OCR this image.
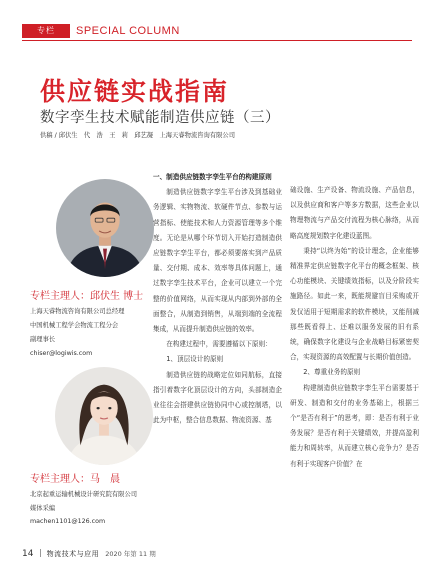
专栏	SPECIAL COLUMN
供应链实战指南
数字孪生技术赋能制造供应链（三）
供稿 / 邱伏生　代　浩　王　莉　邱艺凝　上海天睿物流咨询有限公司
专栏主理人：邱伏生 博士
上海天睿物流咨询有限公司总经理
中国机械工程学会物流工程分会
副理事长
chiser@logiwis.com
专栏主理人：马　晨
北京起重运输机械设计研究院有限公司
媒体采编
machen1101@126.com

一、制造供应链数字孪生平台的构建原则

制造供应链数字孪生平台涉及到基础业务逻辑、实物物流、软硬件节点、参数与运营指标、使能技术和人力资源管理等多个维度。无论是从哪个环节切入开始打造制造供应链数字孪生平台，都必须要落实到产品质量、交付期、成本、效率等具体问题上，通过数字孪生技术平台，企业可以建立一个完整的价值网络，从而实现从内部到外部的全面整合，从制造到销售，从端到端的全流程集成，从而提升制造供应链的效率。

在构建过程中，需要遵循以下原则：

1、顶层设计的原则

制造供应链的战略定位如同航标，直接指引着数字化顶层设计的方向，头部制造企业往往会搭建供应链协同中心或控制塔，以此为中枢，整合信息数据、物流资源、基

础设施、生产设备、物流设施、产品信息，以及供应商和客户等多方数据，这些企业以物理物流与产品交付流程为核心脉络，从而略高度规划数字化建设蓝图。

秉持“以终为始”的设计理念，企业能够精准界定供应链数字化平台的概念框架、核心功能模块、关键绩效指标，以及分阶段实施路径。如此一来，既能规避盲目采购或开发仅适用于短期需求的软件模块，又能削减那些既看得上、还难以服务发展的旧有系统，确保数字化建设与企业战略目标紧密契合，实现资源的高效配置与长期价值创造。

2、尊重业务的原则

构建制造供应链数字孪生平台需要基于研发、制造和交付的业务基础上，根据三个“是否有利于”的思考，即：是否有利于业务发展？是否有利于关键绩效，并提高盈利能力和周转率，从而建立核心竞争力？是否有利于实现客户价值？在

14 物流技术与应用 2020 年第 11 期
